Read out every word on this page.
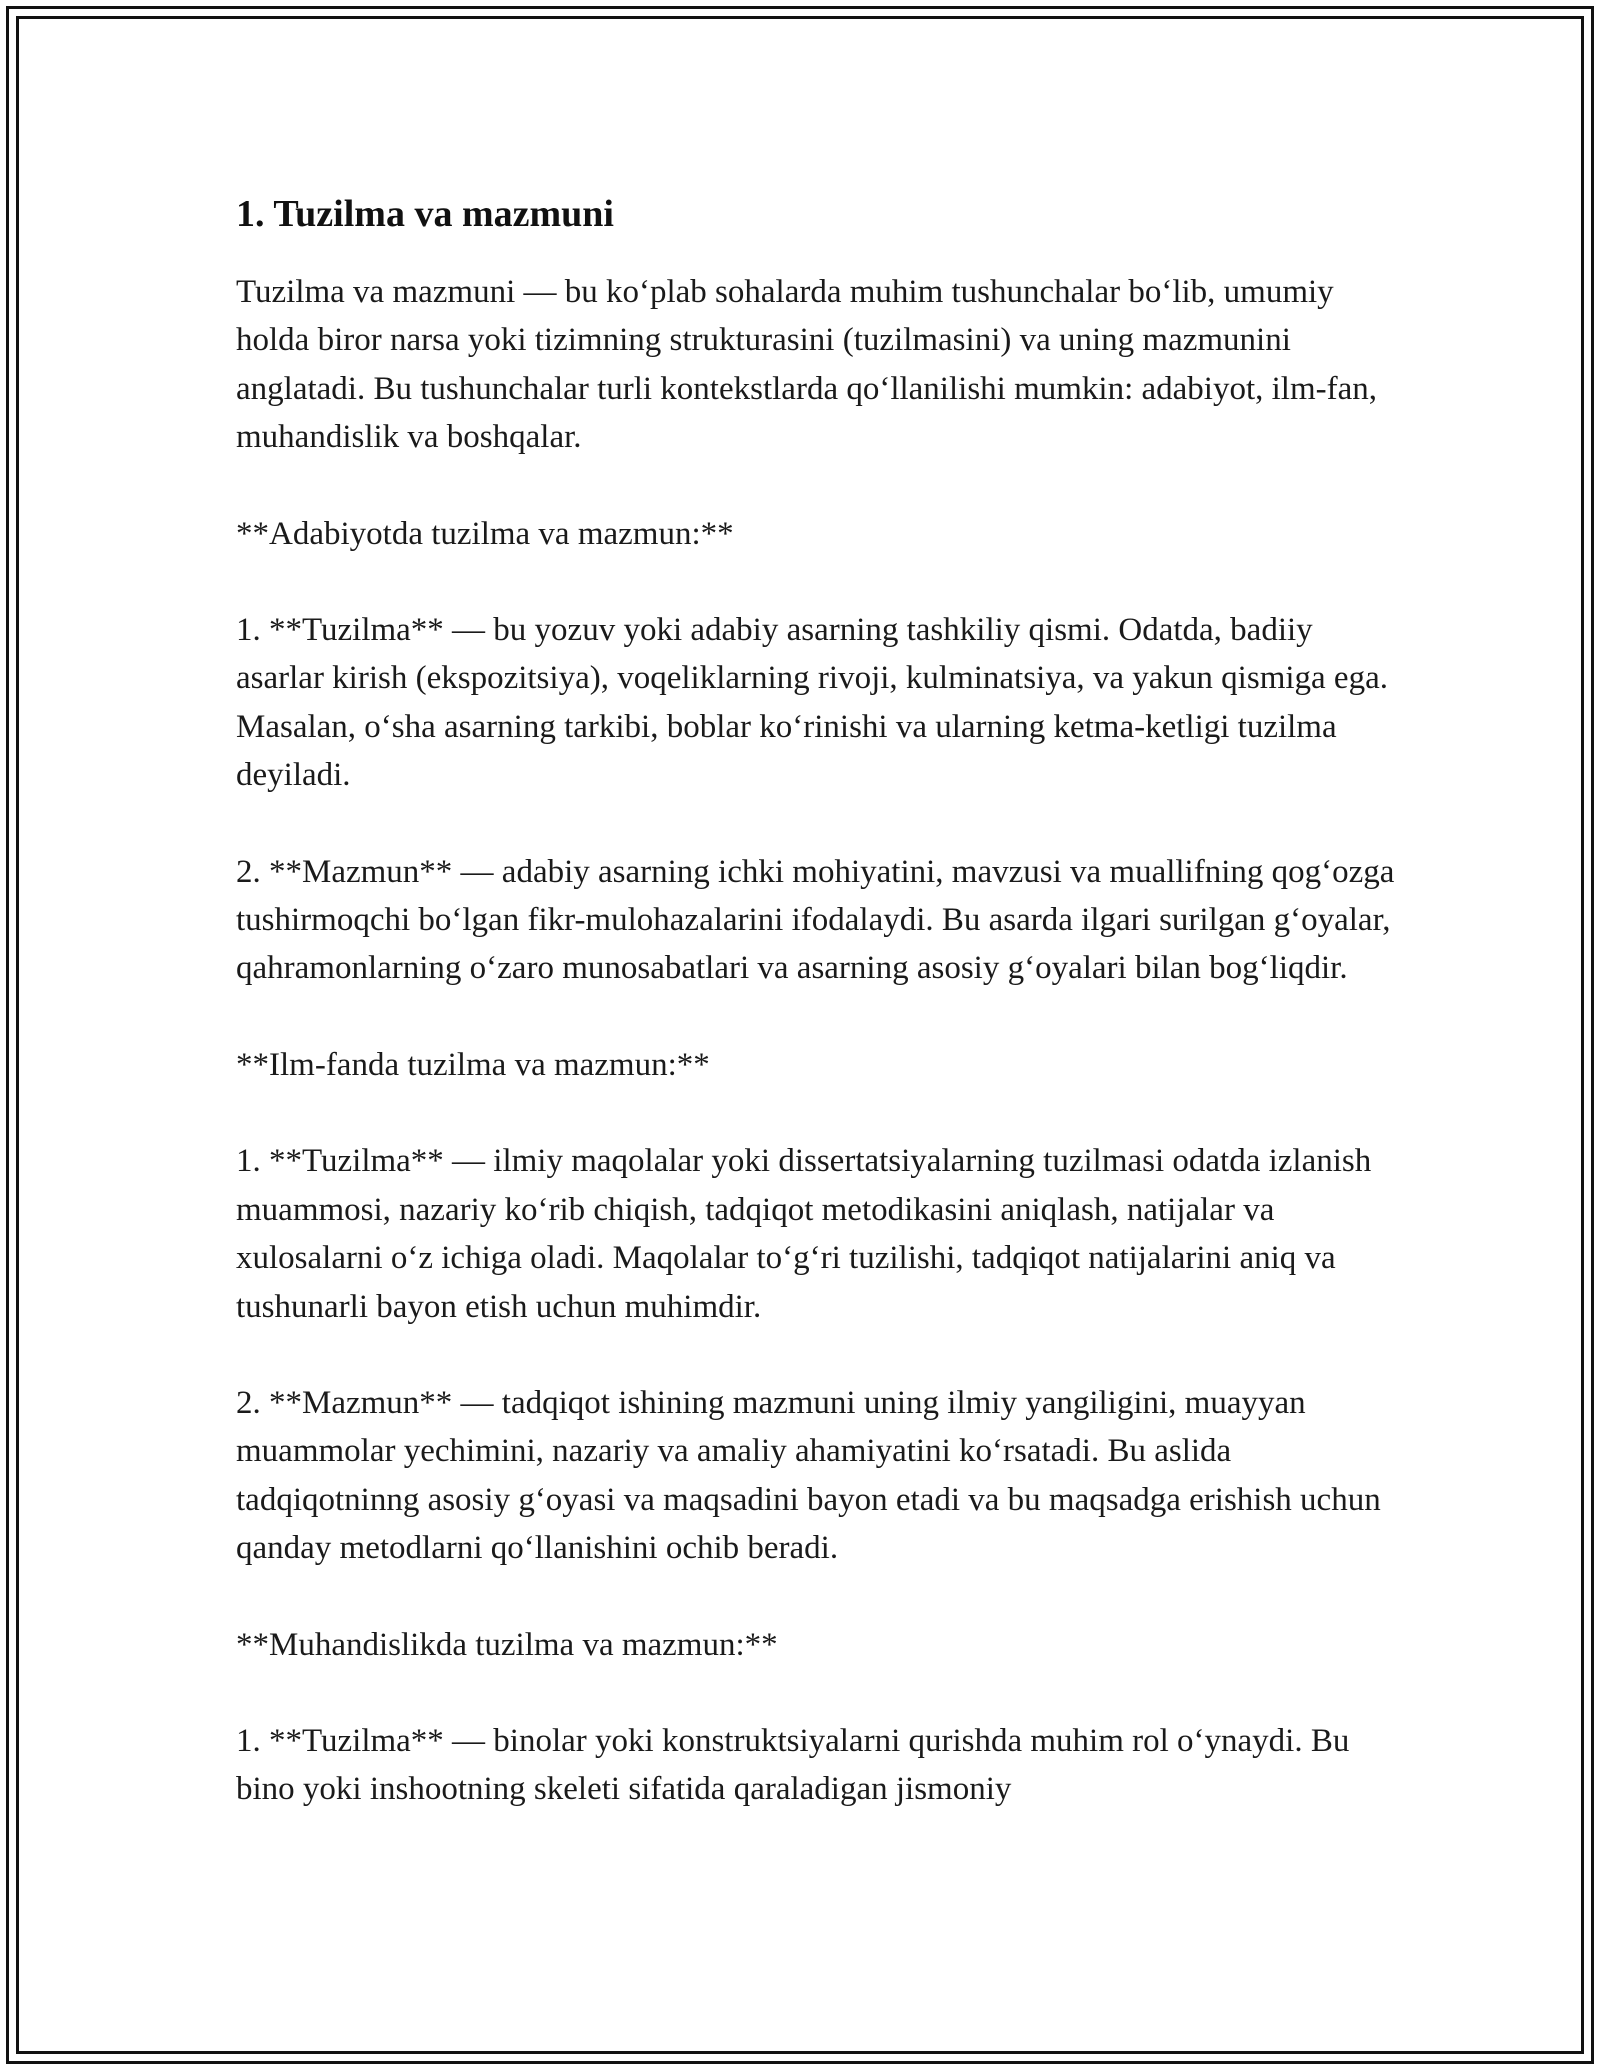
1. Tuzilma va mazmuni

Tuzilma va mazmuni — bu ko‘plab sohalarda muhim tushunchalar bo‘lib, umumiy holda biror narsa yoki tizimning strukturasini (tuzilmasini) va uning mazmunini anglatadi. Bu tushunchalar turli kontekstlarda qo‘llanilishi mumkin: adabiyot, ilm-fan, muhandislik va boshqalar.

**Adabiyotda tuzilma va mazmun:**

1. **Tuzilma** — bu yozuv yoki adabiy asarning tashkiliy qismi. Odatda, badiiy asarlar kirish (ekspozitsiya), voqeliklarning rivoji, kulminatsiya, va yakun qismiga ega. Masalan, o‘sha asarning tarkibi, boblar ko‘rinishi va ularning ketma-ketligi tuzilma deyiladi.

2. **Mazmun** — adabiy asarning ichki mohiyatini, mavzusi va muallifning qog‘ozga tushirmoqchi bo‘lgan fikr-mulohazalarini ifodalaydi. Bu asarda ilgari surilgan g‘oyalar, qahramonlarning o‘zaro munosabatlari va asarning asosiy g‘oyalari bilan bog‘liqdir.

**Ilm-fanda tuzilma va mazmun:**

1. **Tuzilma** — ilmiy maqolalar yoki dissertatsiyalarning tuzilmasi odatda izlanish muammosi, nazariy ko‘rib chiqish, tadqiqot metodikasini aniqlash, natijalar va xulosalarni o‘z ichiga oladi. Maqolalar to‘g‘ri tuzilishi, tadqiqot natijalarini aniq va tushunarli bayon etish uchun muhimdir.

2. **Mazmun** — tadqiqot ishining mazmuni uning ilmiy yangiligini, muayyan muammolar yechimini, nazariy va amaliy ahamiyatini ko‘rsatadi. Bu aslida tadqiqotninng asosiy g‘oyasi va maqsadini bayon etadi va bu maqsadga erishish uchun qanday metodlarni qo‘llanishini ochib beradi.

**Muhandislikda tuzilma va mazmun:**

1. **Tuzilma** — binolar yoki konstruktsiyalarni qurishda muhim rol o‘ynaydi. Bu bino yoki inshootning skeleti sifatida qaraladigan jismoniy
